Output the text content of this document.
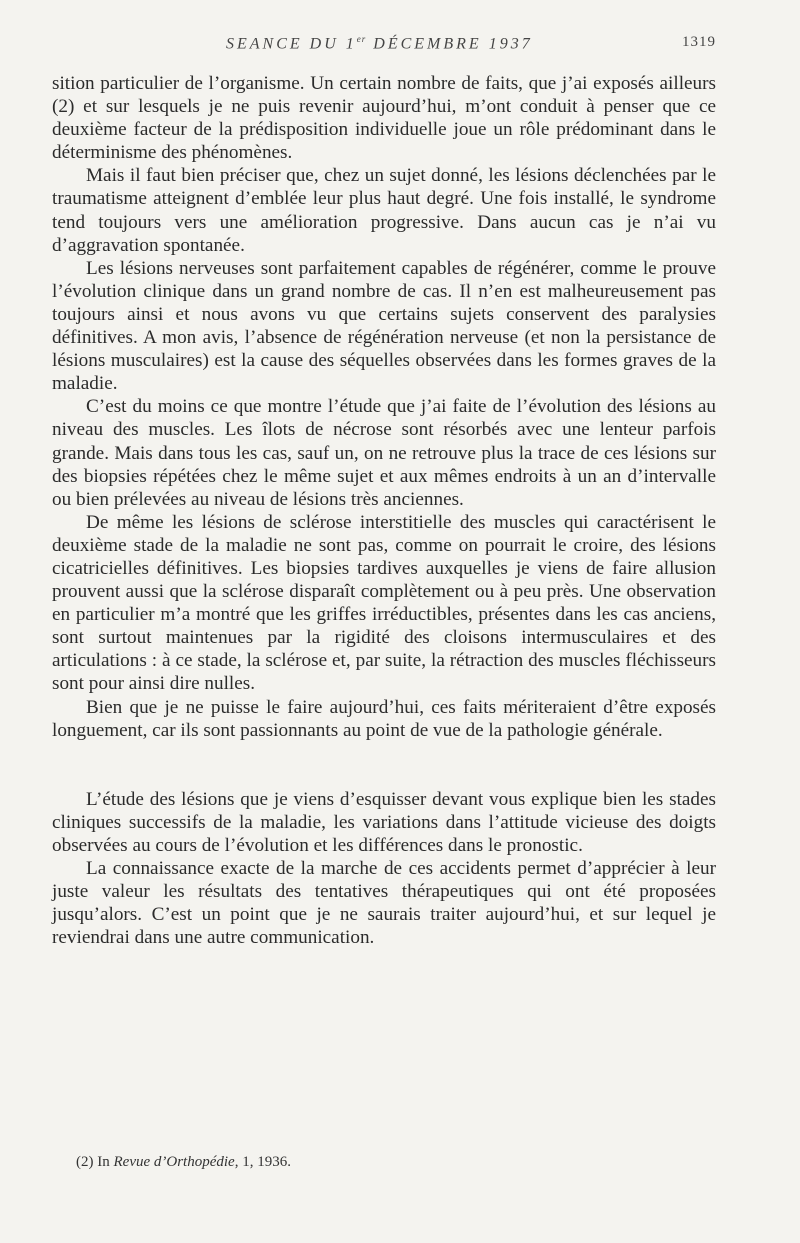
SEANCE DU 1er DÉCEMBRE 1937	1319

sition particulier de l’organisme. Un certain nombre de faits, que j’ai exposés ailleurs (2) et sur lesquels je ne puis revenir aujourd’hui, m’ont conduit à penser que ce deuxième facteur de la prédisposition individuelle joue un rôle prédominant dans le déterminisme des phénomènes.

Mais il faut bien préciser que, chez un sujet donné, les lésions déclenchées par le traumatisme atteignent d’emblée leur plus haut degré. Une fois installé, le syndrome tend toujours vers une amélioration progressive. Dans aucun cas je n’ai vu d’aggravation spontanée.

Les lésions nerveuses sont parfaitement capables de régénérer, comme le prouve l’évolution clinique dans un grand nombre de cas. Il n’en est malheureusement pas toujours ainsi et nous avons vu que certains sujets conservent des paralysies définitives. A mon avis, l’absence de régénération nerveuse (et non la persistance de lésions musculaires) est la cause des séquelles observées dans les formes graves de la maladie.

C’est du moins ce que montre l’étude que j’ai faite de l’évolution des lésions au niveau des muscles. Les îlots de nécrose sont résorbés avec une lenteur parfois grande. Mais dans tous les cas, sauf un, on ne retrouve plus la trace de ces lésions sur des biopsies répétées chez le même sujet et aux mêmes endroits à un an d’intervalle ou bien prélevées au niveau de lésions très anciennes.

De même les lésions de sclérose interstitielle des muscles qui caractérisent le deuxième stade de la maladie ne sont pas, comme on pourrait le croire, des lésions cicatricielles définitives. Les biopsies tardives auxquelles je viens de faire allusion prouvent aussi que la sclérose disparaît complètement ou à peu près. Une observation en particulier m’a montré que les griffes irréductibles, présentes dans les cas anciens, sont surtout maintenues par la rigidité des cloisons intermusculaires et des articulations : à ce stade, la sclérose et, par suite, la rétraction des muscles fléchisseurs sont pour ainsi dire nulles.

Bien que je ne puisse le faire aujourd’hui, ces faits mériteraient d’être exposés longuement, car ils sont passionnants au point de vue de la pathologie générale.

L’étude des lésions que je viens d’esquisser devant vous explique bien les stades cliniques successifs de la maladie, les variations dans l’attitude vicieuse des doigts observées au cours de l’évolution et les différences dans le pronostic.

La connaissance exacte de la marche de ces accidents permet d’apprécier à leur juste valeur les résultats des tentatives thérapeutiques qui ont été proposées jusqu’alors. C’est un point que je ne saurais traiter aujourd’hui, et sur lequel je reviendrai dans une autre communication.

(2) In Revue d’Orthopédie, 1, 1936.
